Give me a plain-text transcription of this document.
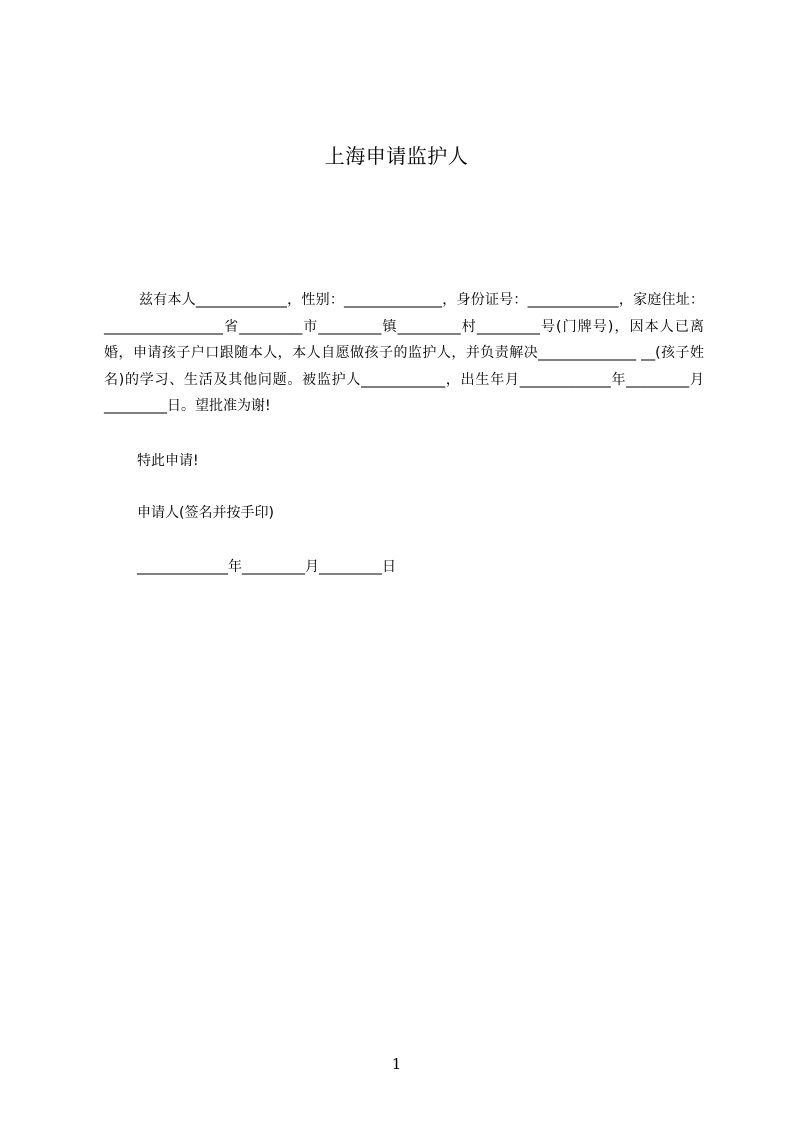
上海申请监护人
兹有本人_____________，性别：______________，身份证号：_____________，家庭住址：_________________省_________市_________镇_________村_________号(门牌号)，因本人已离婚，申请孩子户口跟随本人，本人自愿做孩子的监护人，并负责解决______________ __(孩子姓名)的学习、生活及其他问题。被监护人____________，出生年月_____________年_________月_________日。望批准为谢!
特此申请!
申请人(签名并按手印)
_____________年_________月_________日
1
